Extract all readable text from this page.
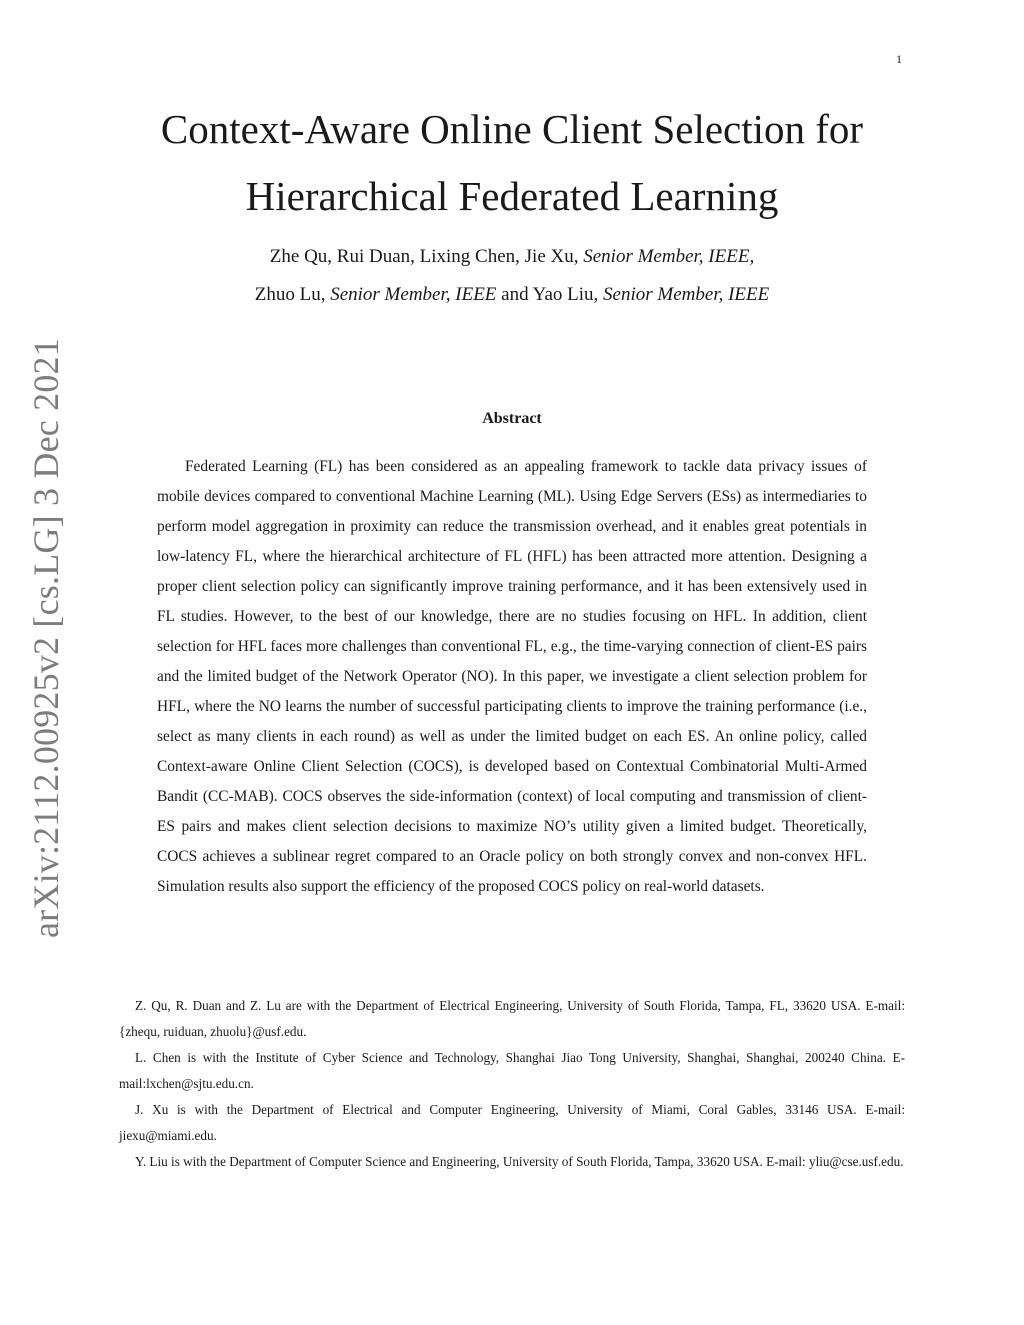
1
arXiv:2112.00925v2 [cs.LG] 3 Dec 2021
Context-Aware Online Client Selection for
Hierarchical Federated Learning
Zhe Qu, Rui Duan, Lixing Chen, Jie Xu, Senior Member, IEEE,
Zhuo Lu, Senior Member, IEEE and Yao Liu, Senior Member, IEEE
Abstract

Federated Learning (FL) has been considered as an appealing framework to tackle data privacy issues of mobile devices compared to conventional Machine Learning (ML). Using Edge Servers (ESs) as intermediaries to perform model aggregation in proximity can reduce the transmission overhead, and it enables great potentials in low-latency FL, where the hierarchical architecture of FL (HFL) has been attracted more attention. Designing a proper client selection policy can significantly improve training performance, and it has been extensively used in FL studies. However, to the best of our knowledge, there are no studies focusing on HFL. In addition, client selection for HFL faces more challenges than conventional FL, e.g., the time-varying connection of client-ES pairs and the limited budget of the Network Operator (NO). In this paper, we investigate a client selection problem for HFL, where the NO learns the number of successful participating clients to improve the training performance (i.e., select as many clients in each round) as well as under the limited budget on each ES. An online policy, called Context-aware Online Client Selection (COCS), is developed based on Contextual Combinatorial Multi-Armed Bandit (CC-MAB). COCS observes the side-information (context) of local computing and transmission of client-ES pairs and makes client selection decisions to maximize NO’s utility given a limited budget. Theoretically, COCS achieves a sublinear regret compared to an Oracle policy on both strongly convex and non-convex HFL. Simulation results also support the efficiency of the proposed COCS policy on real-world datasets.

Z. Qu, R. Duan and Z. Lu are with the Department of Electrical Engineering, University of South Florida, Tampa, FL, 33620 USA. E-mail: {zhequ, ruiduan, zhuolu}@usf.edu.

L. Chen is with the Institute of Cyber Science and Technology, Shanghai Jiao Tong University, Shanghai, Shanghai, 200240 China. E-mail:lxchen@sjtu.edu.cn.

J. Xu is with the Department of Electrical and Computer Engineering, University of Miami, Coral Gables, 33146 USA. E-mail: jiexu@miami.edu.

Y. Liu is with the Department of Computer Science and Engineering, University of South Florida, Tampa, 33620 USA. E-mail: yliu@cse.usf.edu.
